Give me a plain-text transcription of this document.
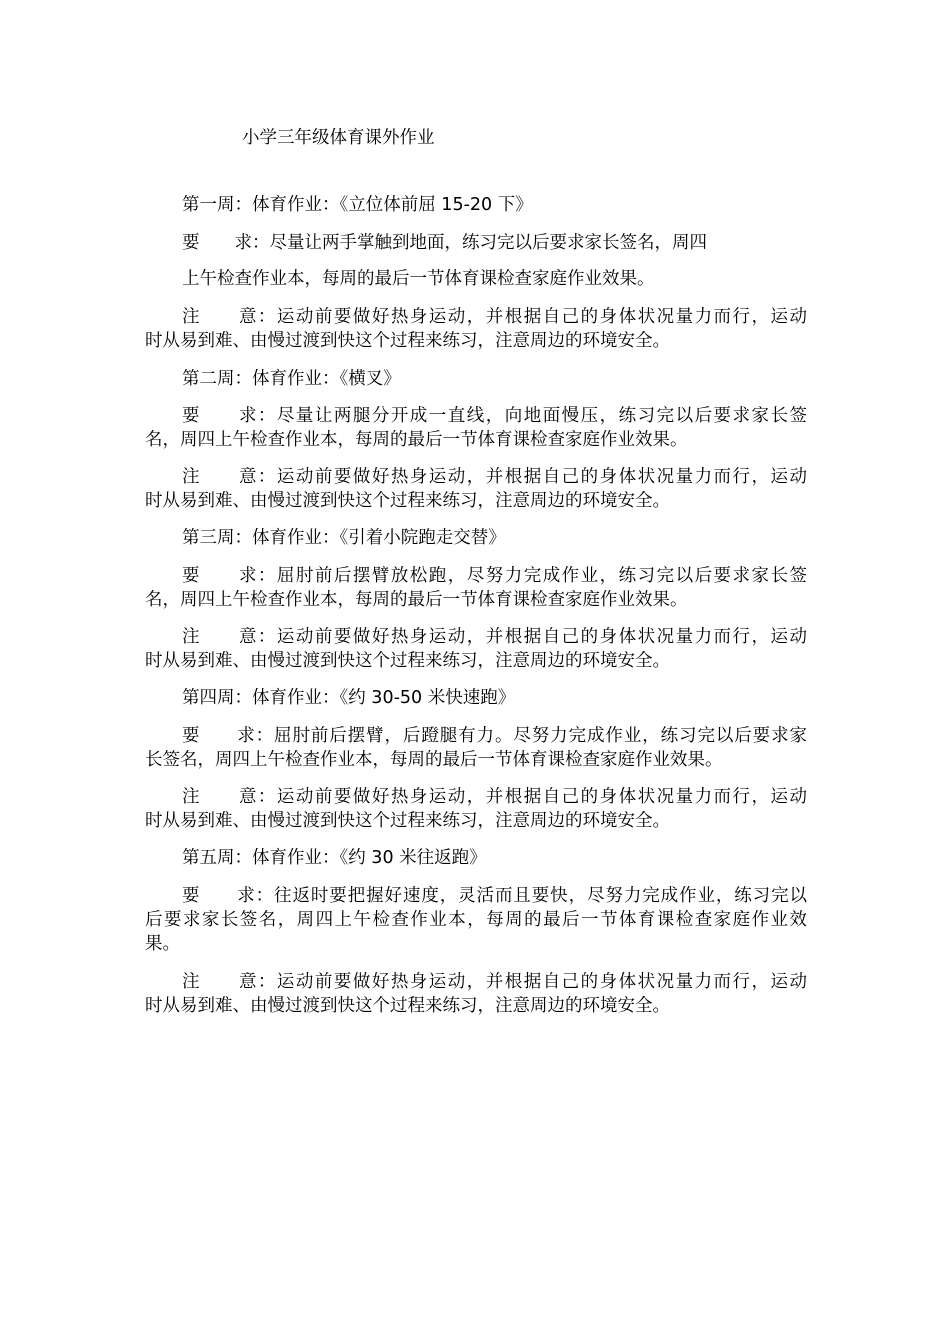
小学三年级体育课外作业
第一周：体育作业：《立位体前屈 15-20 下》
要　　求：尽量让两手掌触到地面，练习完以后要求家长签名，周四
上午检查作业本，每周的最后一节体育课检查家庭作业效果。
注　　意：运动前要做好热身运动，并根据自己的身体状况量力而行，运动
时从易到难、由慢过渡到快这个过程来练习，注意周边的环境安全。
第二周：体育作业：《横叉》
要　　求：尽量让两腿分开成一直线，向地面慢压，练习完以后要求家长签
名，周四上午检查作业本，每周的最后一节体育课检查家庭作业效果。
注　　意：运动前要做好热身运动，并根据自己的身体状况量力而行，运动
时从易到难、由慢过渡到快这个过程来练习，注意周边的环境安全。
第三周：体育作业：《引着小院跑走交替》
要　　求：屈肘前后摆臂放松跑，尽努力完成作业，练习完以后要求家长签
名，周四上午检查作业本，每周的最后一节体育课检查家庭作业效果。
注　　意：运动前要做好热身运动，并根据自己的身体状况量力而行，运动
时从易到难、由慢过渡到快这个过程来练习，注意周边的环境安全。
第四周：体育作业：《约 30-50 米快速跑》
要　　求：屈肘前后摆臂，后蹬腿有力。尽努力完成作业，练习完以后要求家
长签名，周四上午检查作业本，每周的最后一节体育课检查家庭作业效果。
注　　意：运动前要做好热身运动，并根据自己的身体状况量力而行，运动
时从易到难、由慢过渡到快这个过程来练习，注意周边的环境安全。
第五周：体育作业：《约 30 米往返跑》
要　　求：往返时要把握好速度，灵活而且要快，尽努力完成作业，练习完以
后要求家长签名，周四上午检查作业本，每周的最后一节体育课检查家庭作业效
果。
注　　意：运动前要做好热身运动，并根据自己的身体状况量力而行，运动
时从易到难、由慢过渡到快这个过程来练习，注意周边的环境安全。
